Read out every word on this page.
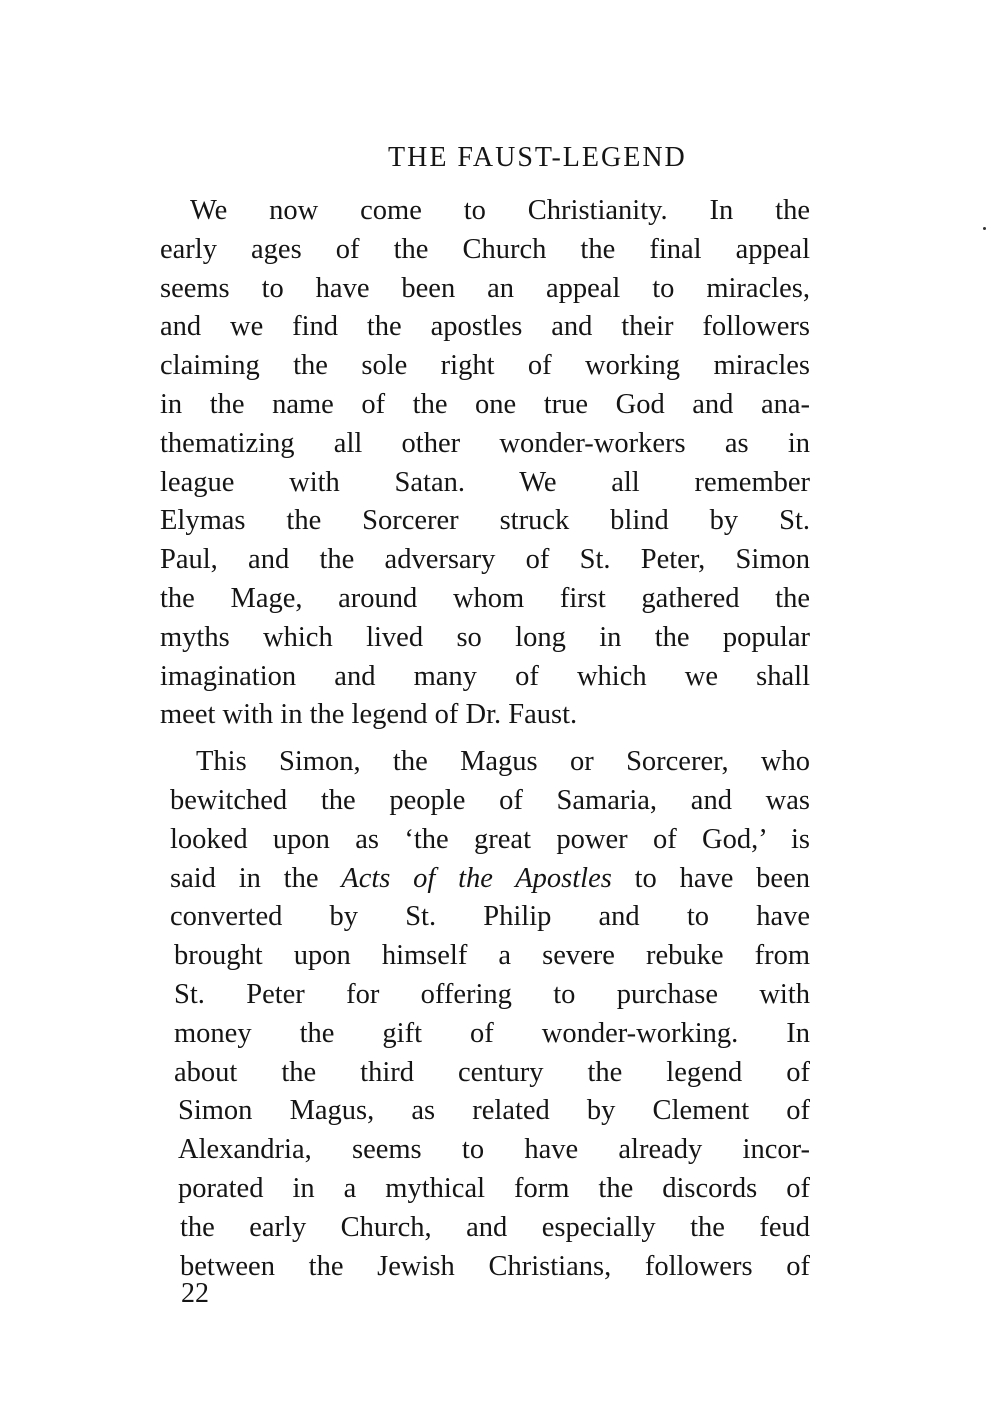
THE FAUST-LEGEND
We now come to Christianity. In the
early ages of the Church the final appeal
seems to have been an appeal to miracles,
and we find the apostles and their followers
claiming the sole right of working miracles
in the name of the one true God and ana-
thematizing all other wonder-workers as in
league with Satan. We all remember
Elymas the Sorcerer struck blind by St.
Paul, and the adversary of St. Peter, Simon
the Mage, around whom first gathered the
myths which lived so long in the popular
imagination and many of which we shall
meet with in the legend of Dr. Faust.
This Simon, the Magus or Sorcerer, who
bewitched the people of Samaria, and was
looked upon as ‘the great power of God,’ is
said in the Acts of the Apostles to have been
converted by St. Philip and to have
brought upon himself a severe rebuke from
St. Peter for offering to purchase with
money the gift of wonder-working. In
about the third century the legend of
Simon Magus, as related by Clement of
Alexandria, seems to have already incor-
porated in a mythical form the discords of
the early Church, and especially the feud
between the Jewish Christians, followers of
22
